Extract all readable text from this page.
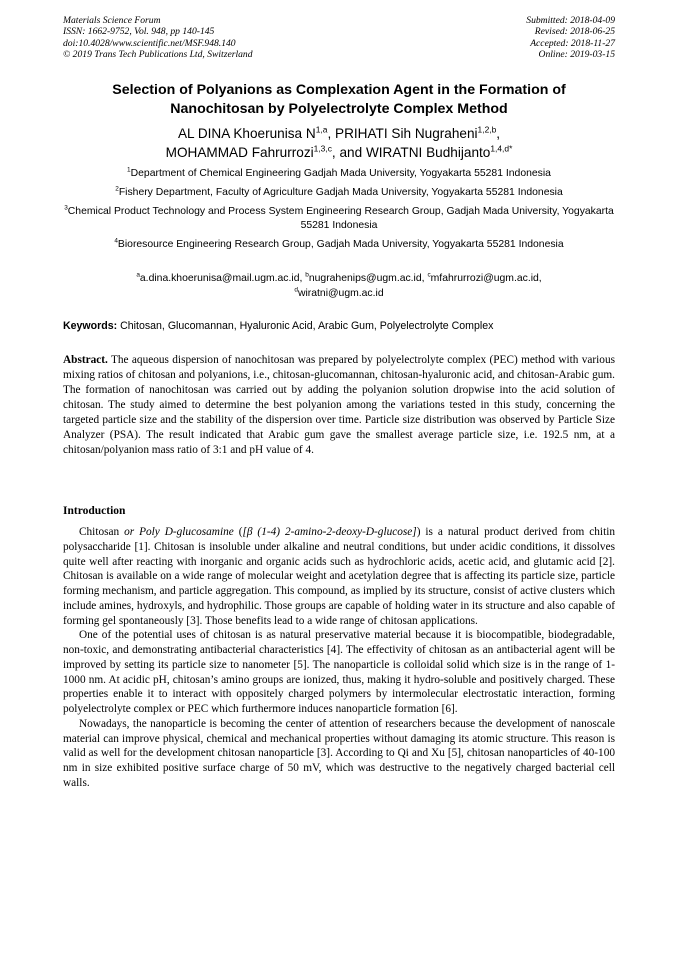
Materials Science Forum
ISSN: 1662-9752, Vol. 948, pp 140-145
doi:10.4028/www.scientific.net/MSF.948.140
© 2019 Trans Tech Publications Ltd, Switzerland
Submitted: 2018-04-09
Revised: 2018-06-25
Accepted: 2018-11-27
Online: 2019-03-15
Selection of Polyanions as Complexation Agent in the Formation of
Nanochitosan by Polyelectrolyte Complex Method
AL DINA Khoerunisa N$^{1,a}$, PRIHATI Sih Nugraheni$^{1,2,b}$,
MOHAMMAD Fahrurrozi$^{1,3,c}$, and WIRATNI Budhijanto$^{1,4,d*}$
$^1$Department of Chemical Engineering Gadjah Mada University, Yogyakarta 55281 Indonesia
$^2$Fishery Department, Faculty of Agriculture Gadjah Mada University, Yogyakarta 55281 Indonesia
$^3$Chemical Product Technology and Process System Engineering Research Group, Gadjah Mada University, Yogyakarta 55281 Indonesia
$^4$Bioresource Engineering Research Group, Gadjah Mada University, Yogyakarta 55281 Indonesia
$^a$a.dina.khoerunisa@mail.ugm.ac.id, $^b$nugrahenips@ugm.ac.id, $^c$mfahrurrozi@ugm.ac.id,
$^d$wiratni@ugm.ac.id
Keywords: Chitosan, Glucomannan, Hyaluronic Acid, Arabic Gum, Polyelectrolyte Complex
Abstract. The aqueous dispersion of nanochitosan was prepared by polyelectrolyte complex (PEC) method with various mixing ratios of chitosan and polyanions, i.e., chitosan-glucomannan, chitosan-hyaluronic acid, and chitosan-Arabic gum. The formation of nanochitosan was carried out by adding the polyanion solution dropwise into the acid solution of chitosan. The study aimed to determine the best polyanion among the variations tested in this study, concerning the targeted particle size and the stability of the dispersion over time. Particle size distribution was observed by Particle Size Analyzer (PSA). The result indicated that Arabic gum gave the smallest average particle size, i.e. 192.5 nm, at a chitosan/polyanion mass ratio of 3:1 and pH value of 4.
Introduction

Chitosan or Poly D-glucosamine ([β (1-4) 2-amino-2-deoxy-D-glucose]) is a natural product derived from chitin polysaccharide [1]. Chitosan is insoluble under alkaline and neutral conditions, but under acidic conditions, it dissolves quite well after reacting with inorganic and organic acids such as hydrochloric acids, acetic acid, and glutamic acid [2]. Chitosan is available on a wide range of molecular weight and acetylation degree that is affecting its particle size, particle forming mechanism, and particle aggregation. This compound, as implied by its structure, consist of active clusters which include amines, hydroxyls, and hydrophilic. Those groups are capable of holding water in its structure and also capable of forming gel spontaneously [3]. Those benefits lead to a wide range of chitosan applications.

One of the potential uses of chitosan is as natural preservative material because it is biocompatible, biodegradable, non-toxic, and demonstrating antibacterial characteristics [4]. The effectivity of chitosan as an antibacterial agent will be improved by setting its particle size to nanometer [5]. The nanoparticle is colloidal solid which size is in the range of 1-1000 nm. At acidic pH, chitosan’s amino groups are ionized, thus, making it hydro-soluble and positively charged. These properties enable it to interact with oppositely charged polymers by intermolecular electrostatic interaction, forming polyelectrolyte complex or PEC which furthermore induces nanoparticle formation [6].

Nowadays, the nanoparticle is becoming the center of attention of researchers because the development of nanoscale material can improve physical, chemical and mechanical properties without damaging its atomic structure. This reason is valid as well for the development chitosan nanoparticle [3]. According to Qi and Xu [5], chitosan nanoparticles of 40-100 nm in size exhibited positive surface charge of 50 mV, which was destructive to the negatively charged bacterial cell walls.
